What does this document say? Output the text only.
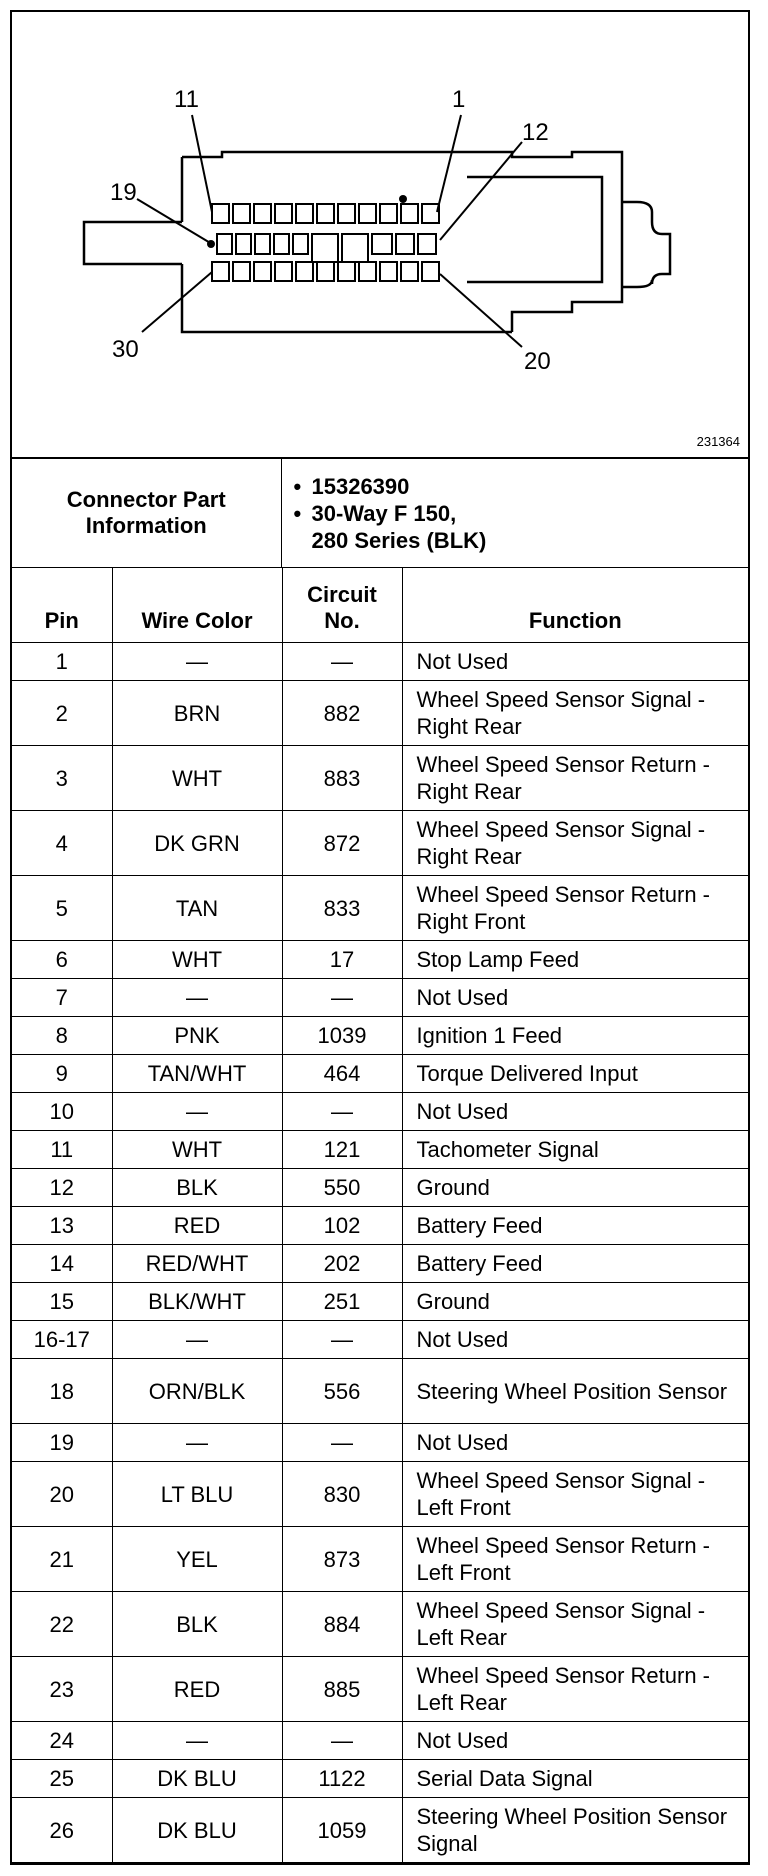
11	1
12
19
30	20
231364
Connector Part Information	
• 15326390
• 30-Way F 150,
280 Series (BLK)
Pin	Wire Color	Circuit No.	Function
1	—	—	Not Used
2	BRN	882	Wheel Speed Sensor Signal - Right Rear
3	WHT	883	Wheel Speed Sensor Return - Right Rear
4	DK GRN	872	Wheel Speed Sensor Signal - Right Rear
5	TAN	833	Wheel Speed Sensor Return - Right Front
6	WHT	17	Stop Lamp Feed
7	—	—	Not Used
8	PNK	1039	Ignition 1 Feed
9	TAN/WHT	464	Torque Delivered Input
10	—	—	Not Used
11	WHT	121	Tachometer Signal
12	BLK	550	Ground
13	RED	102	Battery Feed
14	RED/WHT	202	Battery Feed
15	BLK/WHT	251	Ground
16-17	—	—	Not Used
18	ORN/BLK	556	Steering Wheel Position Sensor
19	—	—	Not Used
20	LT BLU	830	Wheel Speed Sensor Signal - Left Front
21	YEL	873	Wheel Speed Sensor Return - Left Front
22	BLK	884	Wheel Speed Sensor Signal - Left Rear
23	RED	885	Wheel Speed Sensor Return - Left Rear
24	—	—	Not Used
25	DK BLU	1122	Serial Data Signal
26	DK BLU	1059	Steering Wheel Position Sensor Signal
